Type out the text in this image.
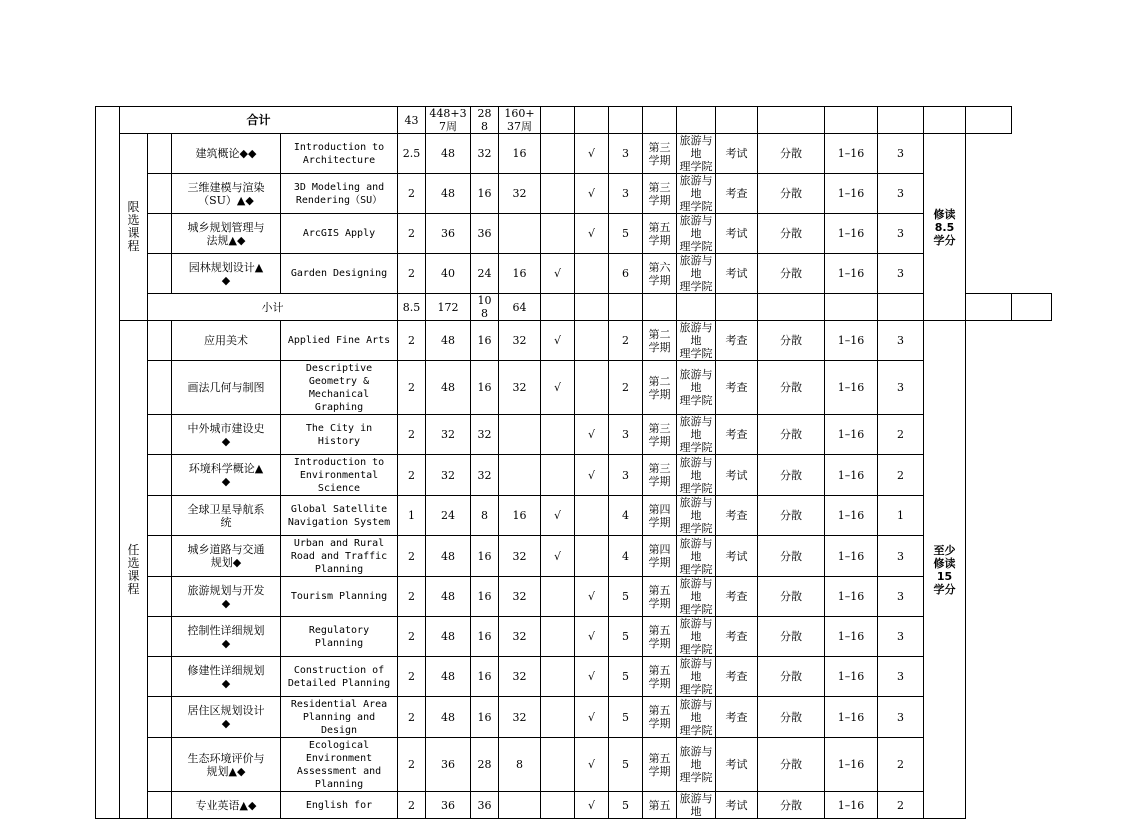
	合计				43	448+3
7周	28
8	160+
37周												
	限
选
课
程		建筑概论◆◆	Introduction to
Architecture	2.5	48	32	16		√	3	第三
学期	旅游与地
理学院	考试	分散	1–16	3	修读
8.5
学分		
			三维建模与渲染
（SU）▲◆	3D Modeling and
Rendering（SU）	2	48	16	32		√	3	第三
学期	旅游与地
理学院	考查	分散	1–16	3			
			城乡规划管理与
法规▲◆	ArcGIS Apply	2	36	36			√	5	第五
学期	旅游与地
理学院	考试	分散	1–16	3			
			园林规划设计▲
◆	Garden Designing	2	40	24	16	√		6	第六
学期	旅游与地
理学院	考试	分散	1–16	3			
		小计			8.5	172	10
8	64												
	任
选
课
程		应用美术	Applied Fine Arts	2	48	16	32	√		2	第二
学期	旅游与地
理学院	考查	分散	1–16	3	至少
修读
15
学分		
			画法几何与制图	Descriptive
Geometry &
Mechanical
Graphing	2	48	16	32	√		2	第二
学期	旅游与地
理学院	考查	分散	1–16	3			
			中外城市建设史
◆	The City in
History	2	32	32			√	3	第三
学期	旅游与地
理学院	考查	分散	1–16	2			
			环境科学概论▲
◆	Introduction to
Environmental
Science	2	32	32			√	3	第三
学期	旅游与地
理学院	考试	分散	1–16	2			
			全球卫星导航系
统	Global Satellite
Navigation System	1	24	8	16	√		4	第四
学期	旅游与地
理学院	考查	分散	1–16	1			
			城乡道路与交通
规划◆	Urban and Rural
Road and Traffic
Planning	2	48	16	32	√		4	第四
学期	旅游与地
理学院	考试	分散	1–16	3			
			旅游规划与开发
◆	Tourism Planning	2	48	16	32		√	5	第五
学期	旅游与地
理学院	考查	分散	1–16	3			
			控制性详细规划
◆	Regulatory
Planning	2	48	16	32		√	5	第五
学期	旅游与地
理学院	考查	分散	1–16	3			
			修建性详细规划
◆	Construction of
Detailed Planning	2	48	16	32		√	5	第五
学期	旅游与地
理学院	考查	分散	1–16	3			
			居住区规划设计
◆	Residential Area
Planning and
Design	2	48	16	32		√	5	第五
学期	旅游与地
理学院	考查	分散	1–16	3			
			生态环境评价与
规划▲◆	Ecological
Environment
Assessment and
Planning	2	36	28	8		√	5	第五
学期	旅游与地
理学院	考试	分散	1–16	2			
			专业英语▲◆	English for	2	36	36			√	5	第五	旅游与地	考试	分散	1–16	2			
